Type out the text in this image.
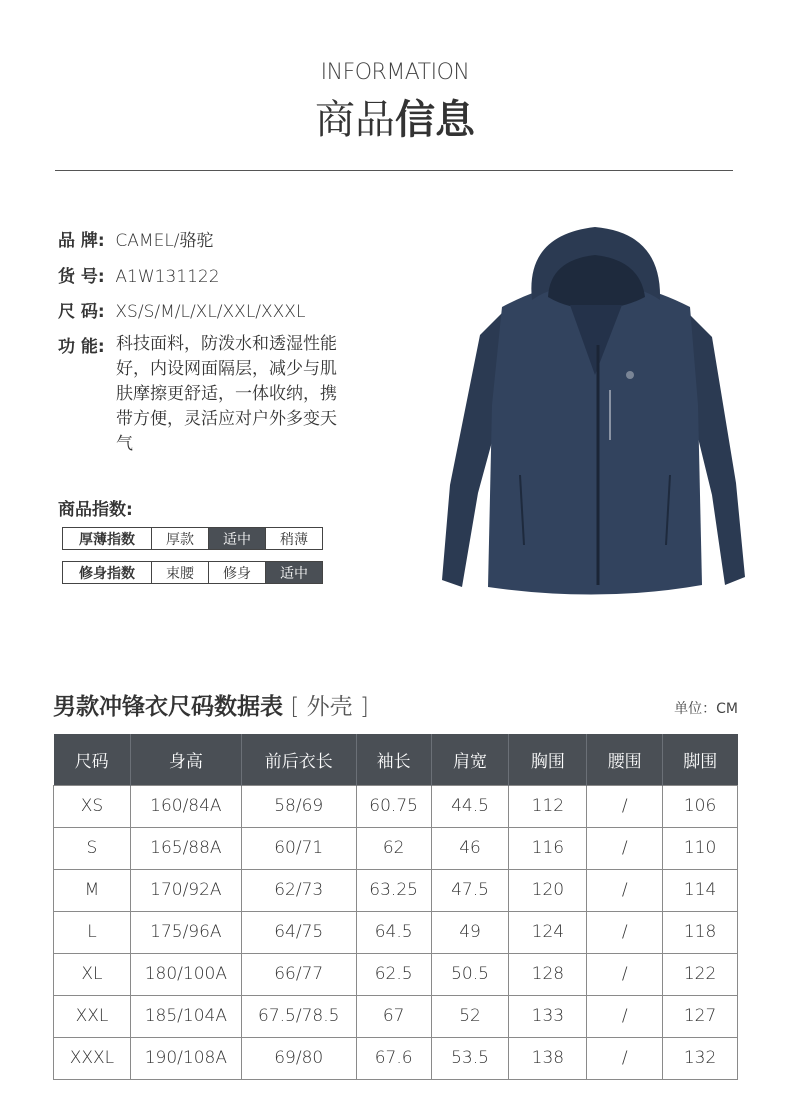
INFORMATION
商品信息
品 牌: CAMEL/骆驼
货 号: A1W131122
尺 码: XS/S/M/L/XL/XXL/XXXL
功 能: 科技面料，防泼水和透湿性能
好，内设网面隔层，减少与肌
肤摩擦更舒适，一体收纳，携
带方便，灵活应对户外多变天
气
商品指数:
厚薄指数	厚款	适中	稍薄
修身指数	束腰	修身	适中
男款冲锋衣尺码数据表 [ 外壳 ]	单位：CM
尺码	身高	前后衣长	袖长	肩宽	胸围	腰围	脚围
XS	160/84A	58/69	60.75	44.5	112	/	106
S	165/88A	60/71	62	46	116	/	110
M	170/92A	62/73	63.25	47.5	120	/	114
L	175/96A	64/75	64.5	49	124	/	118
XL	180/100A	66/77	62.5	50.5	128	/	122
XXL	185/104A	67.5/78.5	67	52	133	/	127
XXXL	190/108A	69/80	67.6	53.5	138	/	132
